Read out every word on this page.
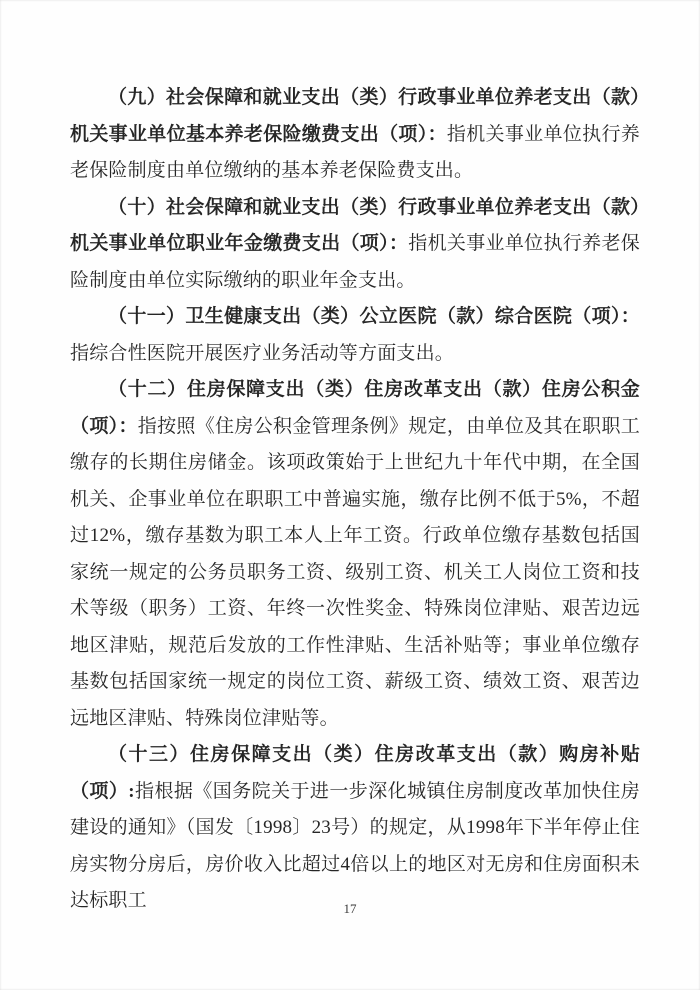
（九）社会保障和就业支出（类）行政事业单位养老支出（款）机关事业单位基本养老保险缴费支出（项）：指机关事业单位执行养老保险制度由单位缴纳的基本养老保险费支出。

（十）社会保障和就业支出（类）行政事业单位养老支出（款）机关事业单位职业年金缴费支出（项）：指机关事业单位执行养老保险制度由单位实际缴纳的职业年金支出。

（十一）卫生健康支出（类）公立医院（款）综合医院（项）：指综合性医院开展医疗业务活动等方面支出。

（十二）住房保障支出（类）住房改革支出（款）住房公积金（项）：指按照《住房公积金管理条例》规定，由单位及其在职职工缴存的长期住房储金。该项政策始于上世纪九十年代中期，在全国机关、企事业单位在职职工中普遍实施，缴存比例不低于5%，不超过12%，缴存基数为职工本人上年工资。行政单位缴存基数包括国家统一规定的公务员职务工资、级别工资、机关工人岗位工资和技术等级（职务）工资、年终一次性奖金、特殊岗位津贴、艰苦边远地区津贴，规范后发放的工作性津贴、生活补贴等；事业单位缴存基数包括国家统一规定的岗位工资、薪级工资、绩效工资、艰苦边远地区津贴、特殊岗位津贴等。

（十三）住房保障支出（类）住房改革支出（款）购房补贴（项）:指根据《国务院关于进一步深化城镇住房制度改革加快住房建设的通知》（国发〔1998〕23号）的规定，从1998年下半年停止住房实物分房后，房价收入比超过4倍以上的地区对无房和住房面积未达标职工	17
